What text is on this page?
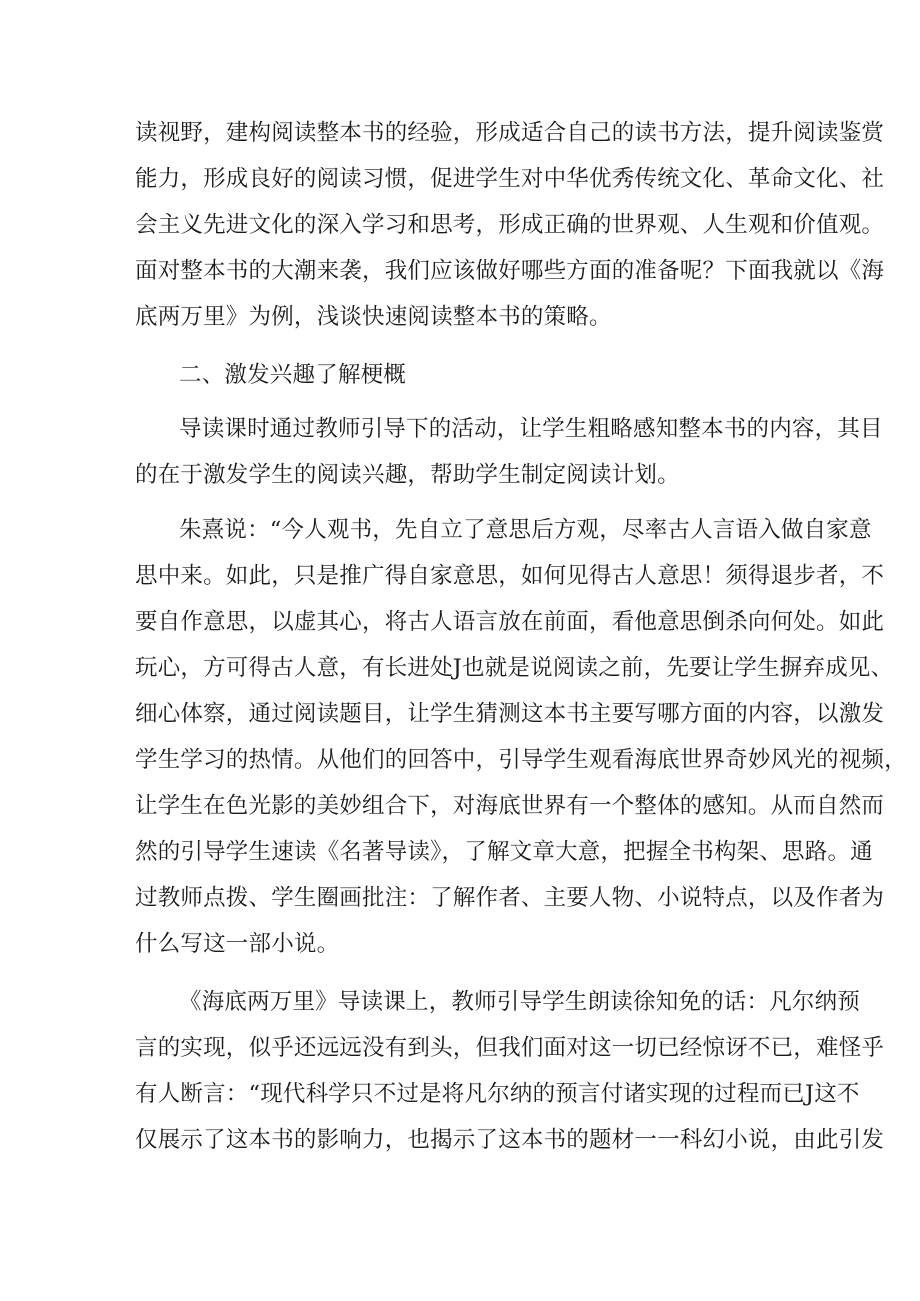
读视野，建构阅读整本书的经验，形成适合自己的读书方法，提升阅读鉴赏
能力，形成良好的阅读习惯，促进学生对中华优秀传统文化、革命文化、社
会主义先进文化的深入学习和思考，形成正确的世界观、人生观和价值观。
面对整本书的大潮来袭，我们应该做好哪些方面的准备呢？下面我就以《海
底两万里》为例，浅谈快速阅读整本书的策略。
二、激发兴趣了解梗概
导读课时通过教师引导下的活动，让学生粗略感知整本书的内容，其目
的在于激发学生的阅读兴趣，帮助学生制定阅读计划。
朱熹说：“今人观书，先自立了意思后方观，尽率古人言语入做自家意
思中来。如此，只是推广得自家意思，如何见得古人意思！须得退步者，不
要自作意思，以虚其心，将古人语言放在前面，看他意思倒杀向何处。如此
玩心，方可得古人意，有长进处J也就是说阅读之前，先要让学生摒弃成见、
细心体察，通过阅读题目，让学生猜测这本书主要写哪方面的内容，以激发
学生学习的热情。从他们的回答中，引导学生观看海底世界奇妙风光的视频，
让学生在色光影的美妙组合下，对海底世界有一个整体的感知。从而自然而
然的引导学生速读《名著导读》，了解文章大意，把握全书构架、思路。通
过教师点拨、学生圈画批注：了解作者、主要人物、小说特点，以及作者为
什么写这一部小说。
《海底两万里》导读课上，教师引导学生朗读徐知免的话：凡尔纳预
言的实现，似乎还远远没有到头，但我们面对这一切已经惊讶不已，难怪乎
有人断言：“现代科学只不过是将凡尔纳的预言付诸实现的过程而已J这不
仅展示了这本书的影响力，也揭示了这本书的题材一一科幻小说，由此引发
